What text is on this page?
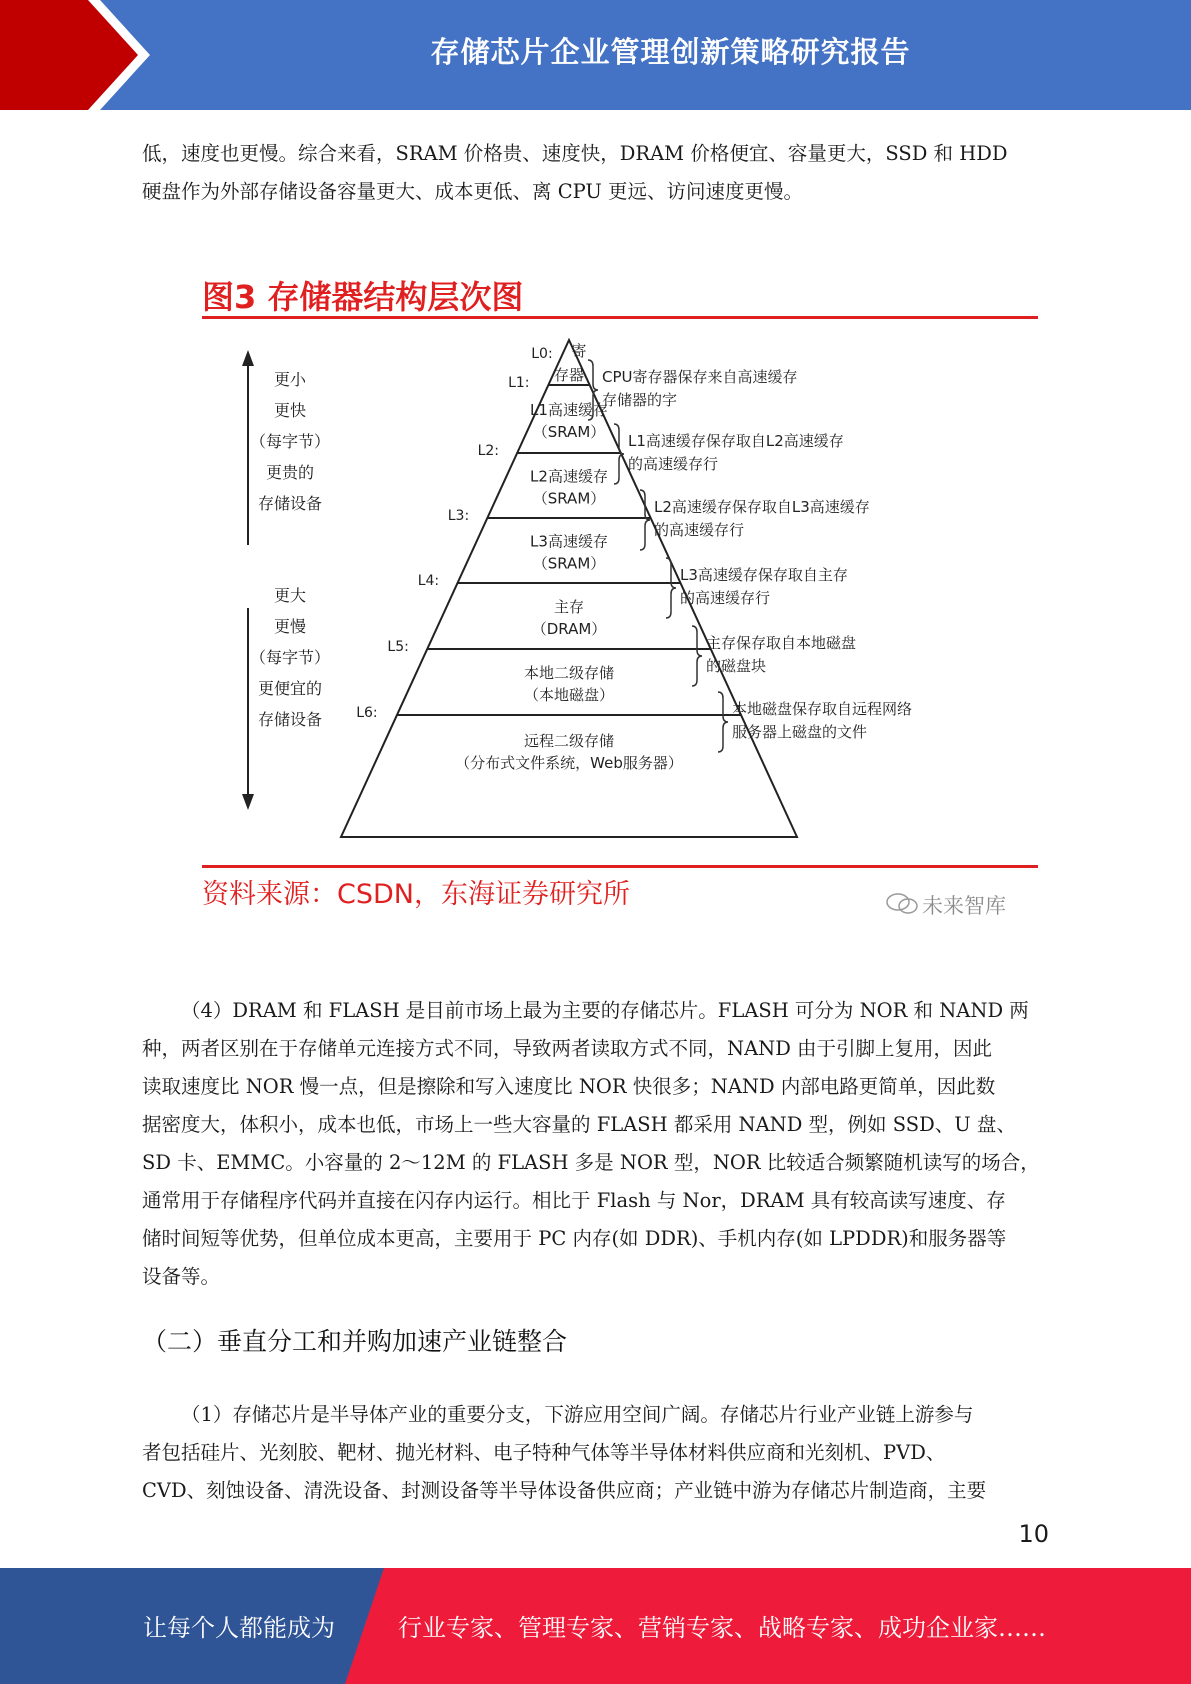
存储芯片企业管理创新策略研究报告
低，速度也更慢。综合来看，SRAM 价格贵、速度快，DRAM 价格便宜、容量更大，SSD 和 HDD
硬盘作为外部存储设备容量更大、成本更低、离 CPU 更远、访问速度更慢。
图3 存储器结构层次图
L0: 寄
存器
L1:
L1高速缓存
（SRAM）
L2:
L2高速缓存
（SRAM）
L3:
L3高速缓存
（SRAM）
L4:
主存
（DRAM）
L5:
本地二级存储
（本地磁盘）
L6:
远程二级存储
（分布式文件系统，Web服务器）
CPU寄存器保存来自高速缓存
存储器的字
L1高速缓存保存取自L2高速缓存
的高速缓存行
L2高速缓存保存取自L3高速缓存
的高速缓存行
L3高速缓存保存取自主存
的高速缓存行
主存保存取自本地磁盘
的磁盘块
本地磁盘保存取自远程网络
服务器上磁盘的文件
更小
更快
（每字节）
更贵的
存储设备
更大
更慢
（每字节）
更便宜的
存储设备
资料来源：CSDN，东海证券研究所	未来智库
（4）DRAM 和 FLASH 是目前市场上最为主要的存储芯片。FLASH 可分为 NOR 和 NAND 两
种，两者区别在于存储单元连接方式不同，导致两者读取方式不同，NAND 由于引脚上复用，因此
读取速度比 NOR 慢一点，但是擦除和写入速度比 NOR 快很多；NAND 内部电路更简单，因此数
据密度大，体积小，成本也低，市场上一些大容量的 FLASH 都采用 NAND 型，例如 SSD、U 盘、
SD 卡、EMMC。小容量的 2～12M 的 FLASH 多是 NOR 型，NOR 比较适合频繁随机读写的场合，
通常用于存储程序代码并直接在闪存内运行。相比于 Flash 与 Nor，DRAM 具有较高读写速度、存
储时间短等优势，但单位成本更高，主要用于 PC 内存(如 DDR)、手机内存(如 LPDDR)和服务器等
设备等。
（二）垂直分工和并购加速产业链整合
（1）存储芯片是半导体产业的重要分支，下游应用空间广阔。存储芯片行业产业链上游参与
者包括硅片、光刻胶、靶材、抛光材料、电子特种气体等半导体材料供应商和光刻机、PVD、
CVD、刻蚀设备、清洗设备、封测设备等半导体设备供应商；产业链中游为存储芯片制造商，主要
10
让每个人都能成为	行业专家、管理专家、营销专家、战略专家、成功企业家……
